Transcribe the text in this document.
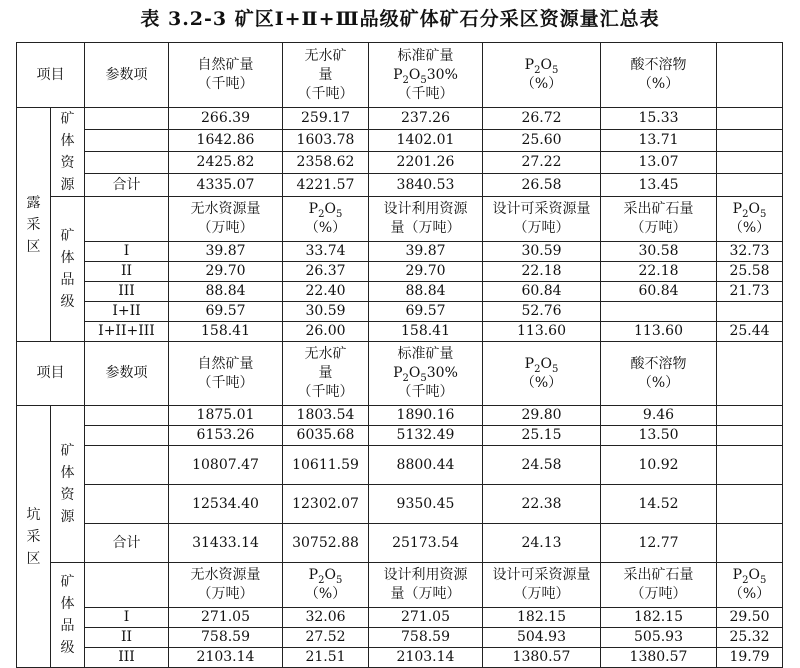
表 3.2-3 矿区Ⅰ+Ⅱ+Ⅲ品级矿体矿石分采区资源量汇总表
项目		参数项	自然矿量
（千吨）	无水矿
量
（千吨）	标准矿量
$P_2O_530\%$
（千吨）	$P_2O_5$
（%）	酸不溶物
（%）	

露
采
区	矿
体
资
源		266.39	259.17	237.26	26.72	15.33	
			1642.86	1603.78	1402.01	25.60	13.71	
			2425.82	2358.62	2201.26	27.22	13.07	
		合计	4335.07	4221.57	3840.53	26.58	13.45	

	矿
体
品
级		无水资源量
（万吨）	$P_2O_5$
（%）	设计利用资源
量（万吨）	设计可采资源量
（万吨）	采出矿石量
（万吨）	$P_2O_5$
（%）

		I	39.87	33.74	39.87	30.59	30.58	32.73
		II	29.70	26.37	29.70	22.18	22.18	25.58
		III	88.84	22.40	88.84	60.84	60.84	21.73
		I+II	69.57	30.59	69.57	52.76		
		I+II+III	158.41	26.00	158.41	113.60	113.60	25.44
项目		参数项	自然矿量
（千吨）	无水矿
量
（千吨）	标准矿量
$P_2O_530\%$
（千吨）	$P_2O_5$
（%）	酸不溶物
（%）	

坑
采
区	矿
体
资
源		1875.01	1803.54	1890.16	29.80	9.46	
			6153.26	6035.68	5132.49	25.15	13.50	
			10807.47	10611.59	8800.44	24.58	10.92	
			12534.40	12302.07	9350.45	22.38	14.52	
		合计	31433.14	30752.88	25173.54	24.13	12.77	

	矿
体
品
级		无水资源量
（万吨）	$P_2O_5$
（%）	设计利用资源
量（万吨）	设计可采资源量
（万吨）	采出矿石量
（万吨）	$P_2O_5$
（%）

		I	271.05	32.06	271.05	182.15	182.15	29.50
		II	758.59	27.52	758.59	504.93	505.93	25.32
		III	2103.14	21.51	2103.14	1380.57	1380.57	19.79
